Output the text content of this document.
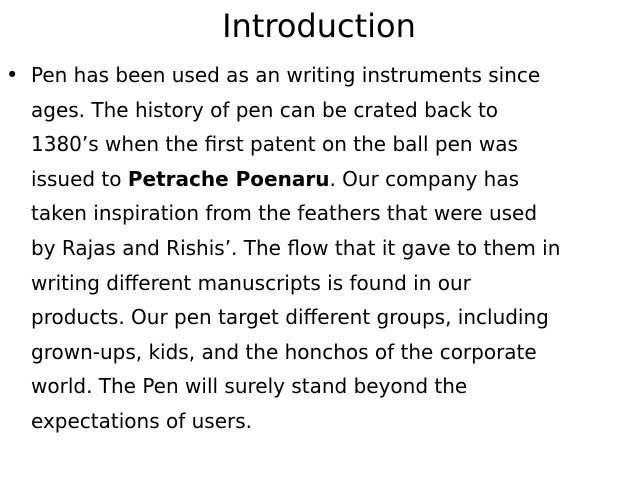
Introduction
• Pen has been used as an writing instruments since
ages. The history of pen can be crated back to
1380’s when the first patent on the ball pen was
issued to Petrache Poenaru. Our company has
taken inspiration from the feathers that were used
by Rajas and Rishis’. The flow that it gave to them in
writing different manuscripts is found in our
products. Our pen target different groups, including
grown-ups, kids, and the honchos of the corporate
world. The Pen will surely stand beyond the
expectations of users.
